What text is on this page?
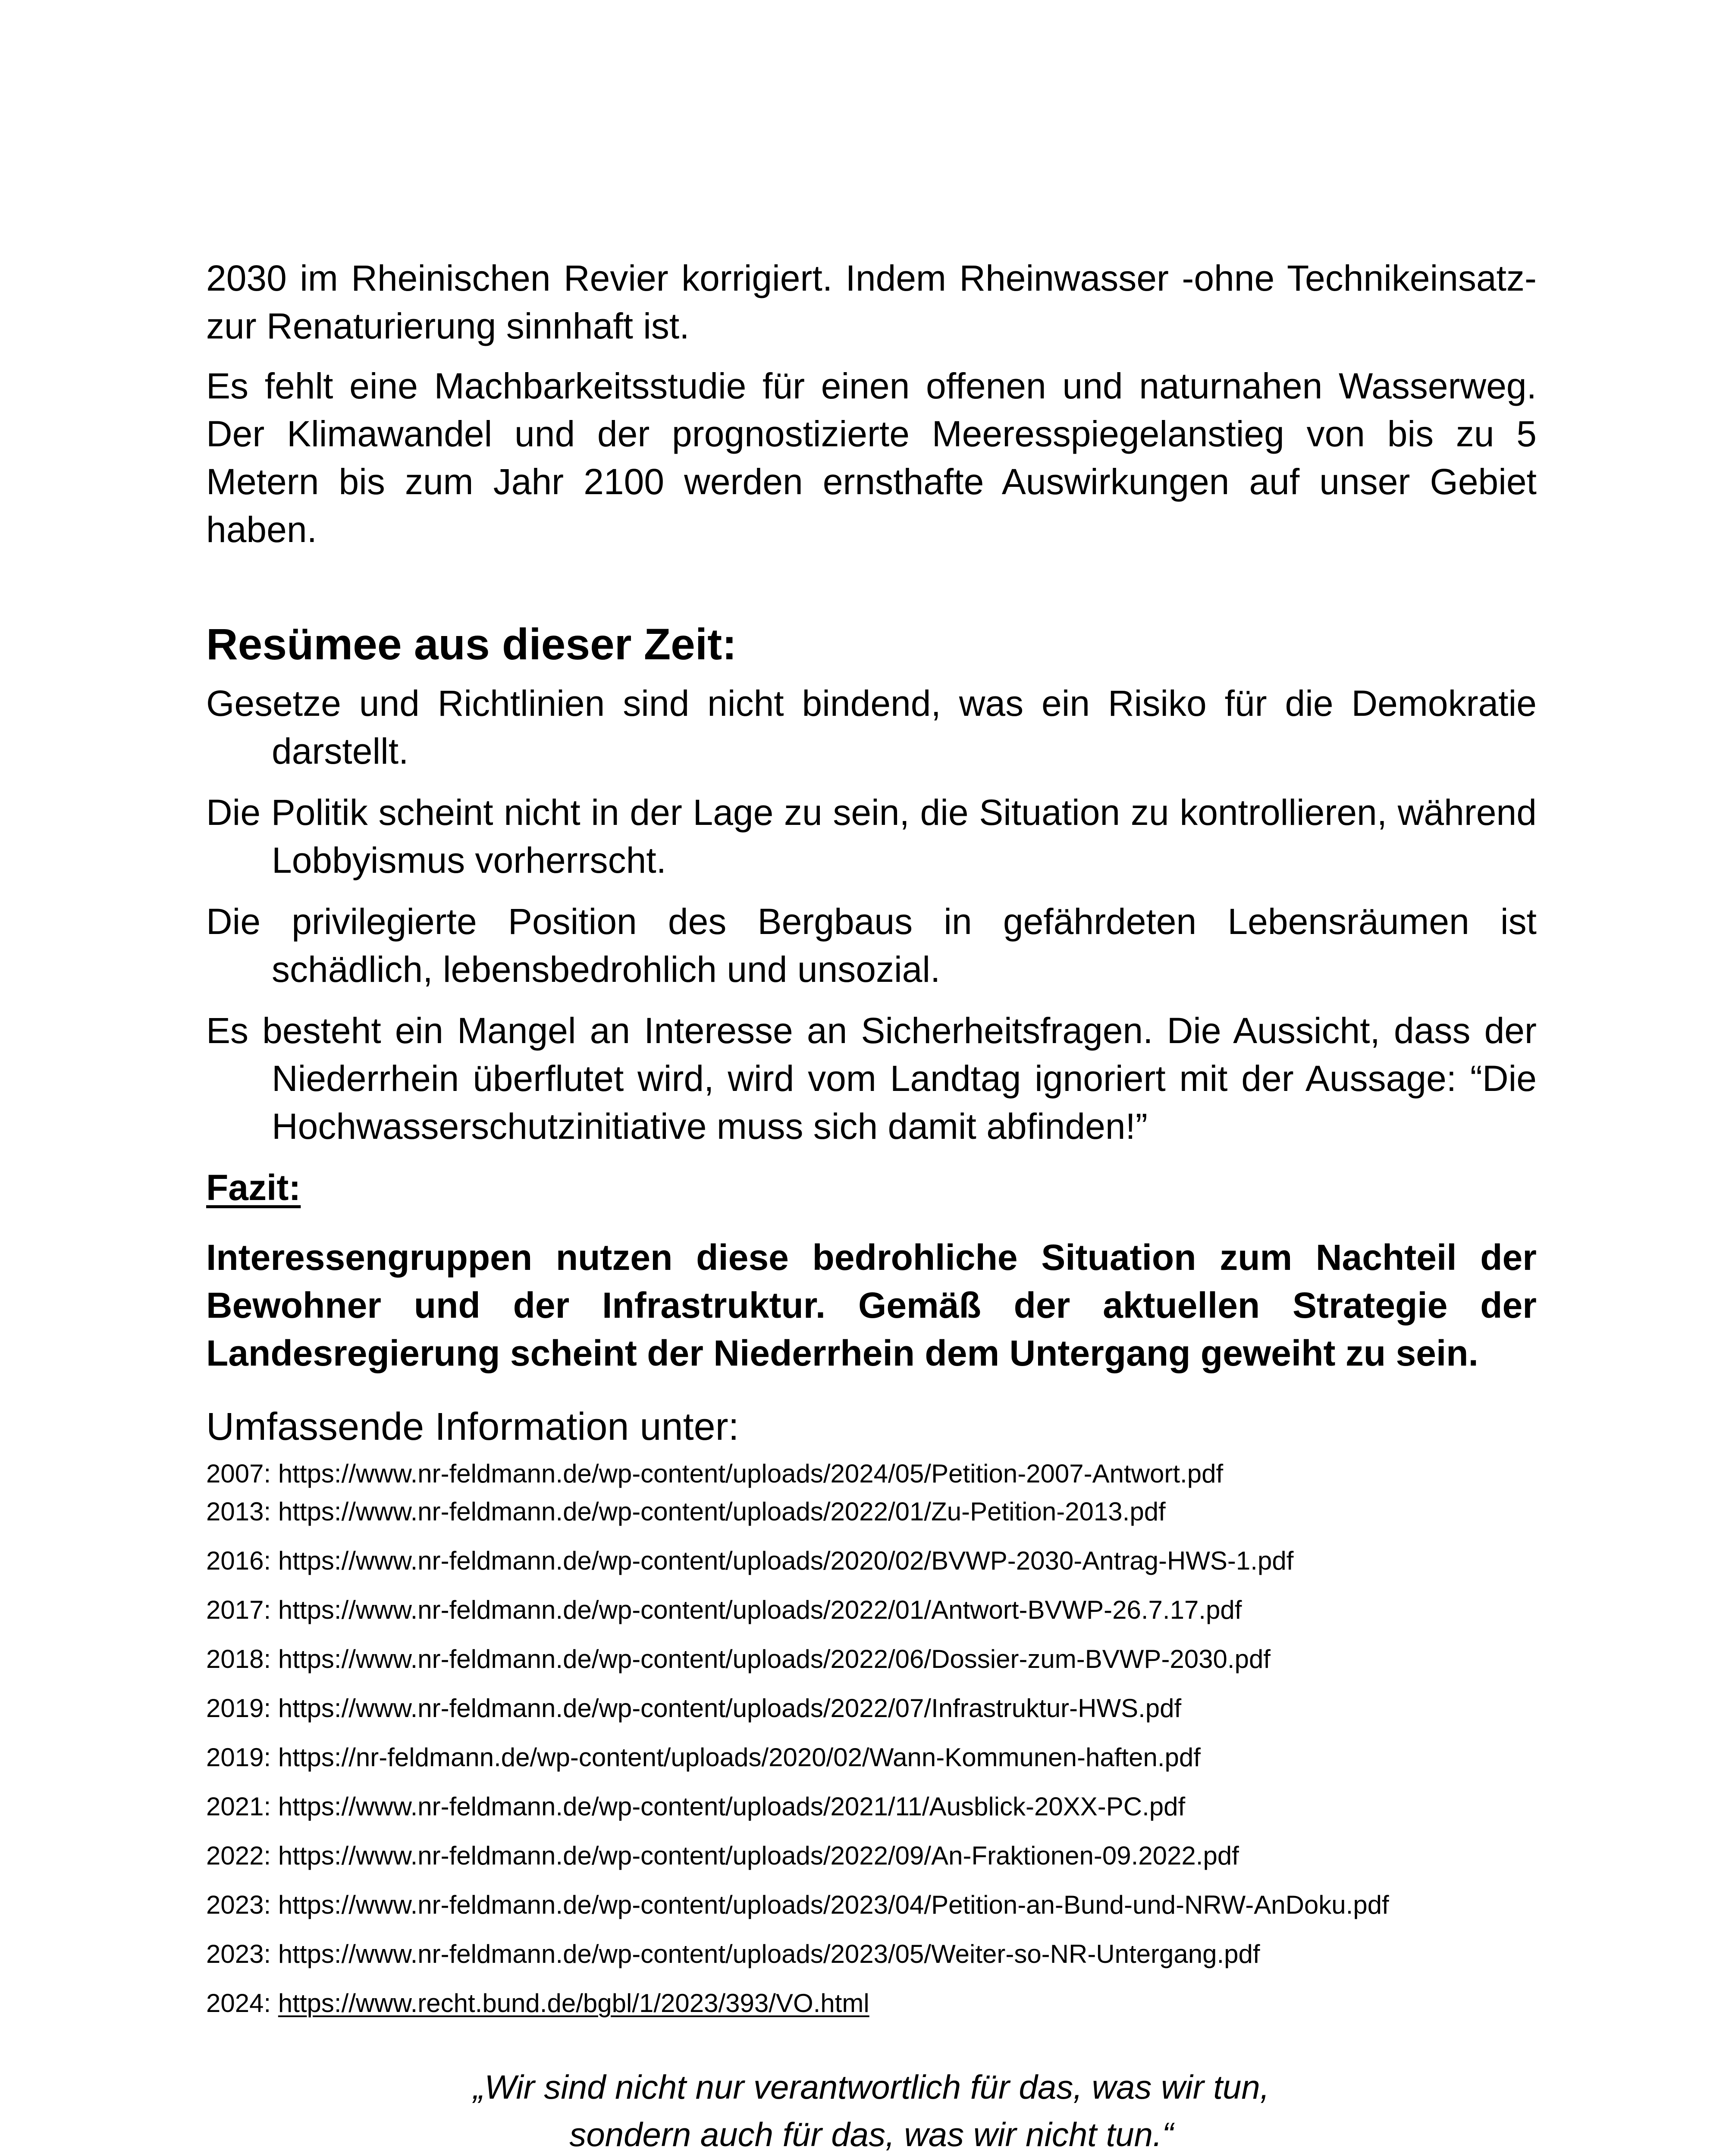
2030 im Rheinischen Revier korrigiert. Indem Rheinwasser -ohne Technikeinsatz- zur Renaturierung sinnhaft ist.

Es fehlt eine Machbarkeitsstudie für einen offenen und naturnahen Wasserweg. Der Klimawandel und der prognostizierte Meeresspiegelanstieg von bis zu 5 Metern bis zum Jahr 2100 werden ernsthafte Auswirkungen auf unser Gebiet haben.

Resümee aus dieser Zeit:

Gesetze und Richtlinien sind nicht bindend, was ein Risiko für die Demokratie darstellt.

Die Politik scheint nicht in der Lage zu sein, die Situation zu kontrollieren, während Lobbyismus vorherrscht.

Die privilegierte Position des Bergbaus in gefährdeten Lebensräumen ist schädlich, lebensbedrohlich und unsozial.

Es besteht ein Mangel an Interesse an Sicherheitsfragen. Die Aussicht, dass der Niederrhein überflutet wird, wird vom Landtag ignoriert mit der Aussage: “Die Hochwasserschutzinitiative muss sich damit abfinden!”

Fazit:

Interessengruppen nutzen diese bedrohliche Situation zum Nachteil der Bewohner und der Infrastruktur. Gemäß der aktuellen Strategie der Landesregierung scheint der Niederrhein dem Untergang geweiht zu sein.

Umfassende Information unter:

2007: https://www.nr-feldmann.de/wp-content/uploads/2024/05/Petition-2007-Antwort.pdf
2013: https://www.nr-feldmann.de/wp-content/uploads/2022/01/Zu-Petition-2013.pdf
2016: https://www.nr-feldmann.de/wp-content/uploads/2020/02/BVWP-2030-Antrag-HWS-1.pdf
2017: https://www.nr-feldmann.de/wp-content/uploads/2022/01/Antwort-BVWP-26.7.17.pdf
2018: https://www.nr-feldmann.de/wp-content/uploads/2022/06/Dossier-zum-BVWP-2030.pdf
2019: https://www.nr-feldmann.de/wp-content/uploads/2022/07/Infrastruktur-HWS.pdf
2019: https://nr-feldmann.de/wp-content/uploads/2020/02/Wann-Kommunen-haften.pdf
2021: https://www.nr-feldmann.de/wp-content/uploads/2021/11/Ausblick-20XX-PC.pdf
2022: https://www.nr-feldmann.de/wp-content/uploads/2022/09/An-Fraktionen-09.2022.pdf
2023: https://www.nr-feldmann.de/wp-content/uploads/2023/04/Petition-an-Bund-und-NRW-AnDoku.pdf
2023: https://www.nr-feldmann.de/wp-content/uploads/2023/05/Weiter-so-NR-Untergang.pdf
2024: https://www.recht.bund.de/bgbl/1/2023/393/VO.html

„Wir sind nicht nur verantwortlich für das, was wir tun,

sondern auch für das, was wir nicht tun.“
